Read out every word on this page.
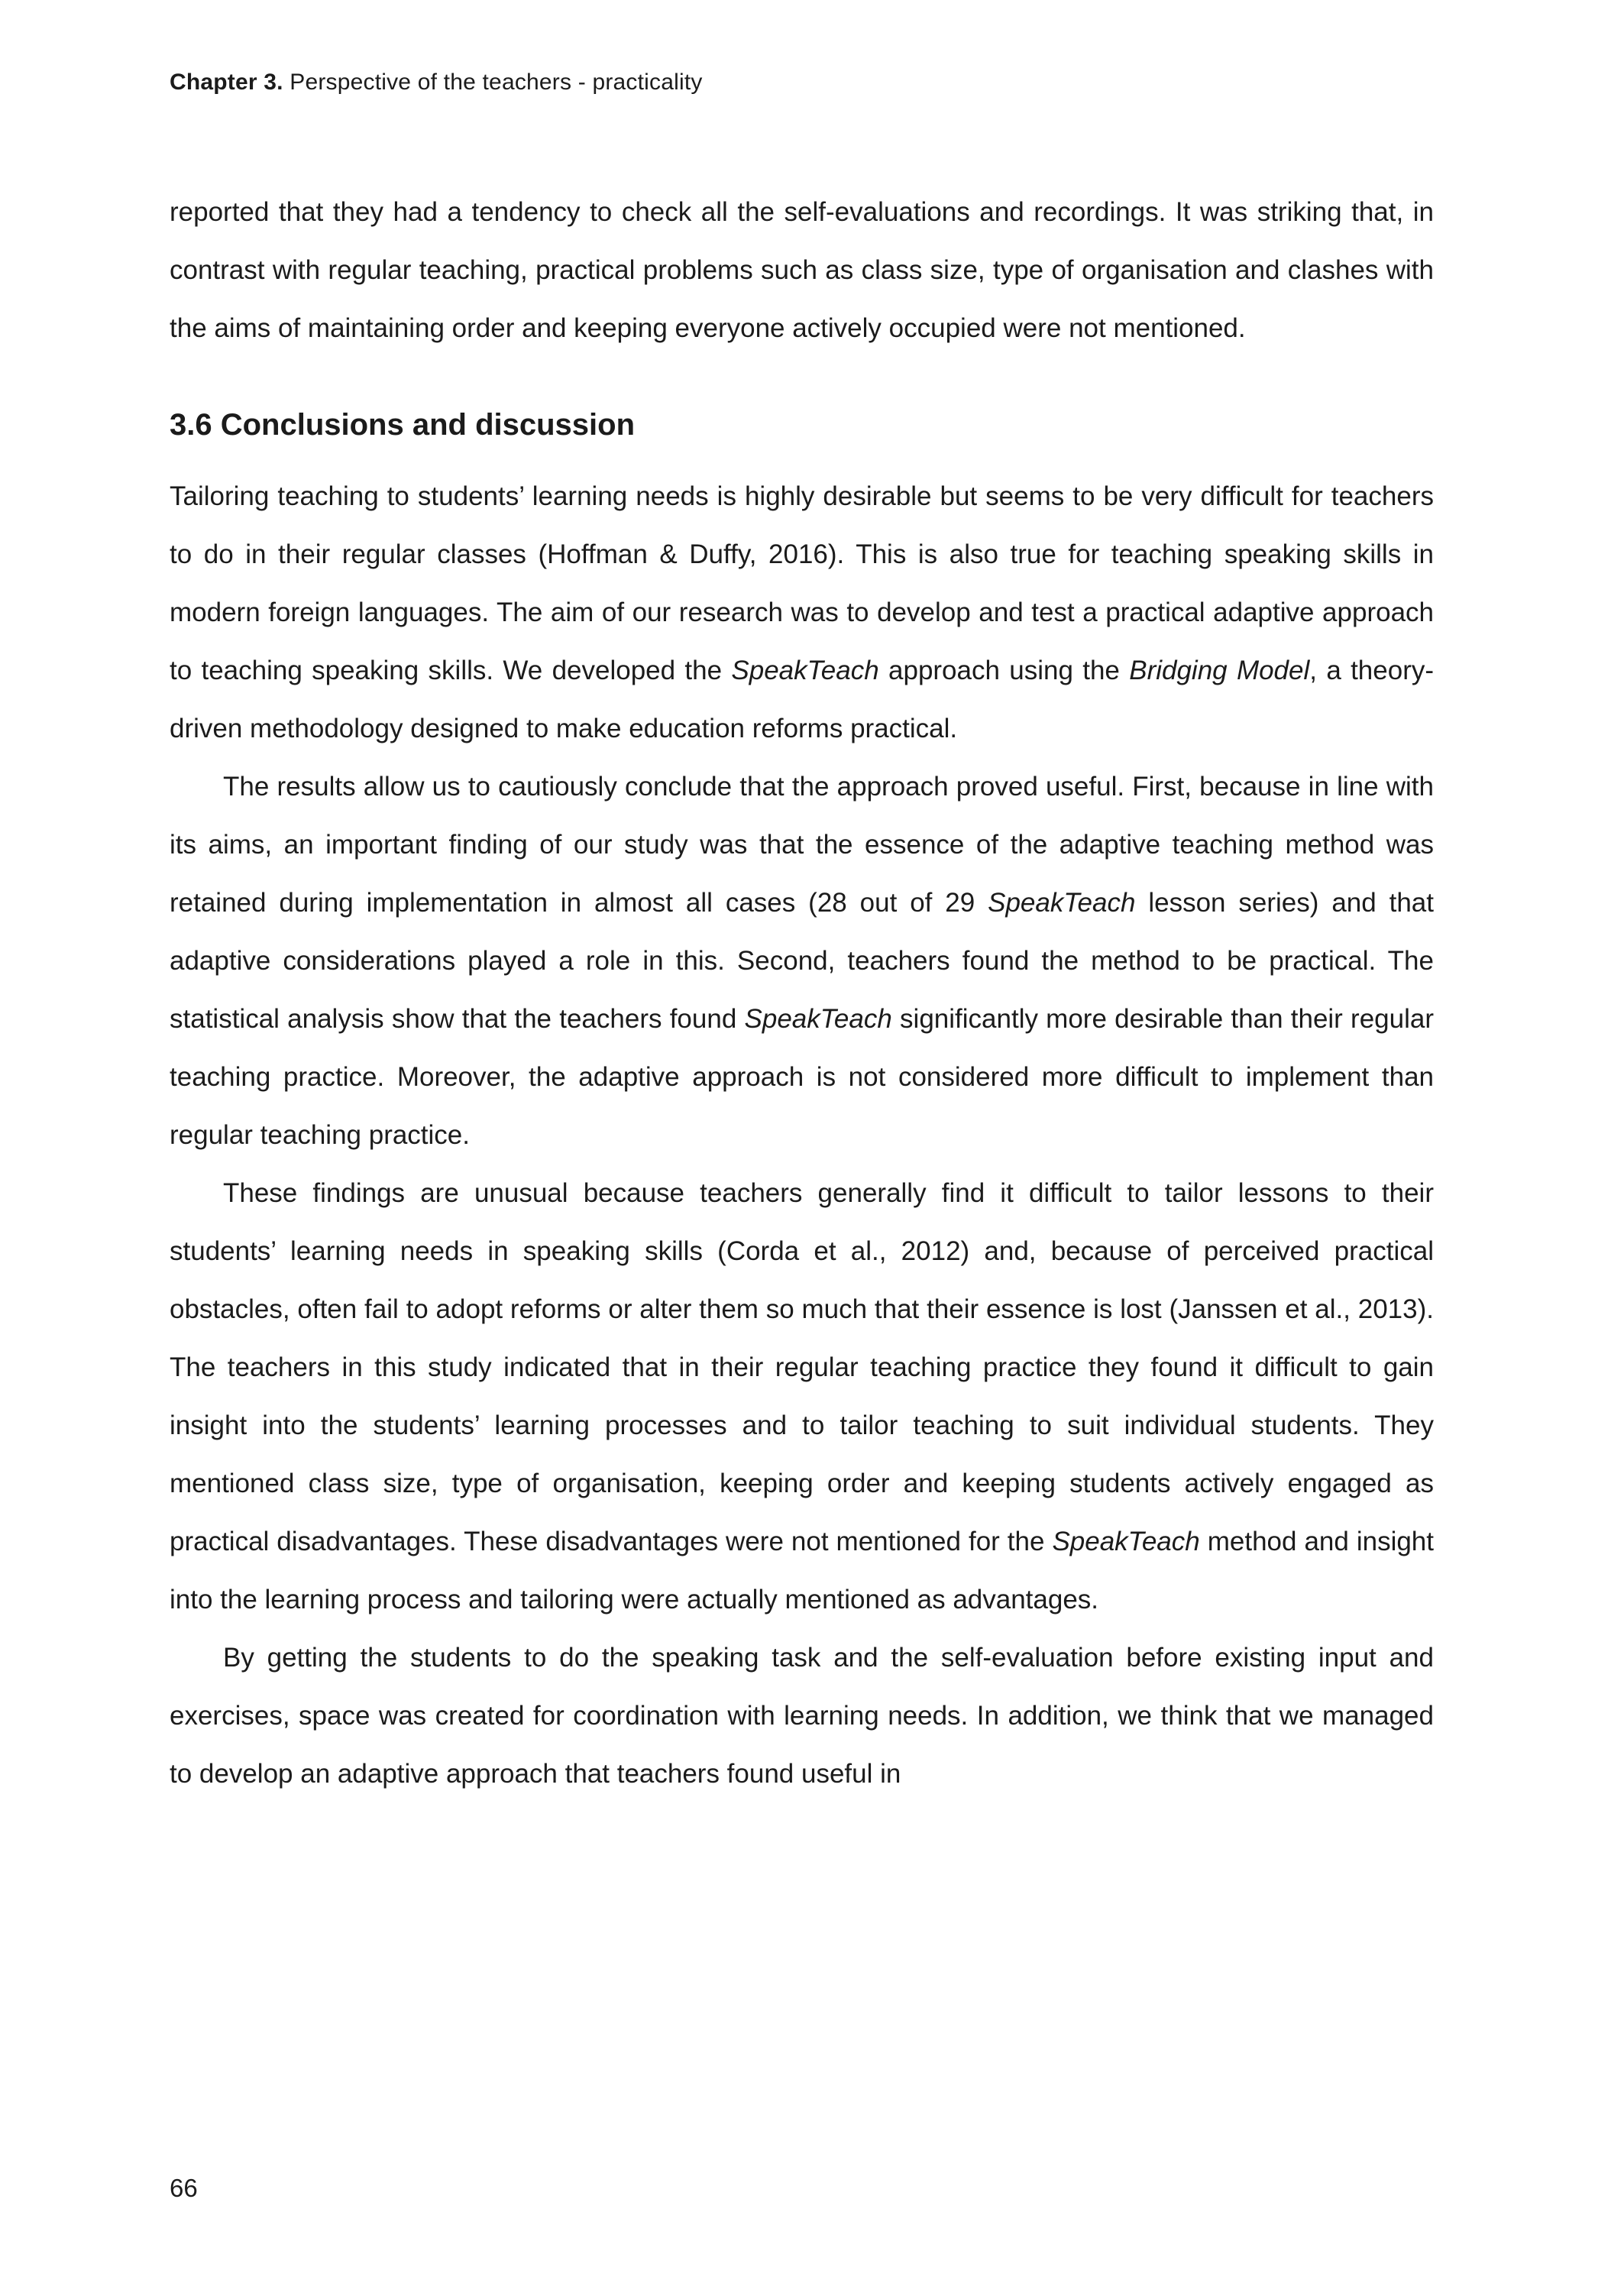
Chapter 3. Perspective of the teachers - practicality
reported that they had a tendency to check all the self-evaluations and recordings. It was striking that, in contrast with regular teaching, practical problems such as class size, type of organisation and clashes with the aims of maintaining order and keeping everyone actively occupied were not mentioned.
3.6 Conclusions and discussion
Tailoring teaching to students’ learning needs is highly desirable but seems to be very difficult for teachers to do in their regular classes (Hoffman & Duffy, 2016). This is also true for teaching speaking skills in modern foreign languages. The aim of our research was to develop and test a practical adaptive approach to teaching speaking skills. We developed the SpeakTeach approach using the Bridging Model, a theory-driven methodology designed to make education reforms practical.
The results allow us to cautiously conclude that the approach proved useful. First, because in line with its aims, an important finding of our study was that the essence of the adaptive teaching method was retained during implementation in almost all cases (28 out of 29 SpeakTeach lesson series) and that adaptive considerations played a role in this. Second, teachers found the method to be practical. The statistical analysis show that the teachers found SpeakTeach significantly more desirable than their regular teaching practice. Moreover, the adaptive approach is not considered more difficult to implement than regular teaching practice.
These findings are unusual because teachers generally find it difficult to tailor lessons to their students’ learning needs in speaking skills (Corda et al., 2012) and, because of perceived practical obstacles, often fail to adopt reforms or alter them so much that their essence is lost (Janssen et al., 2013). The teachers in this study indicated that in their regular teaching practice they found it difficult to gain insight into the students’ learning processes and to tailor teaching to suit individual students. They mentioned class size, type of organisation, keeping order and keeping students actively engaged as practical disadvantages. These disadvantages were not mentioned for the SpeakTeach method and insight into the learning process and tailoring were actually mentioned as advantages.
By getting the students to do the speaking task and the self-evaluation before existing input and exercises, space was created for coordination with learning needs. In addition, we think that we managed to develop an adaptive approach that teachers found useful in
66
